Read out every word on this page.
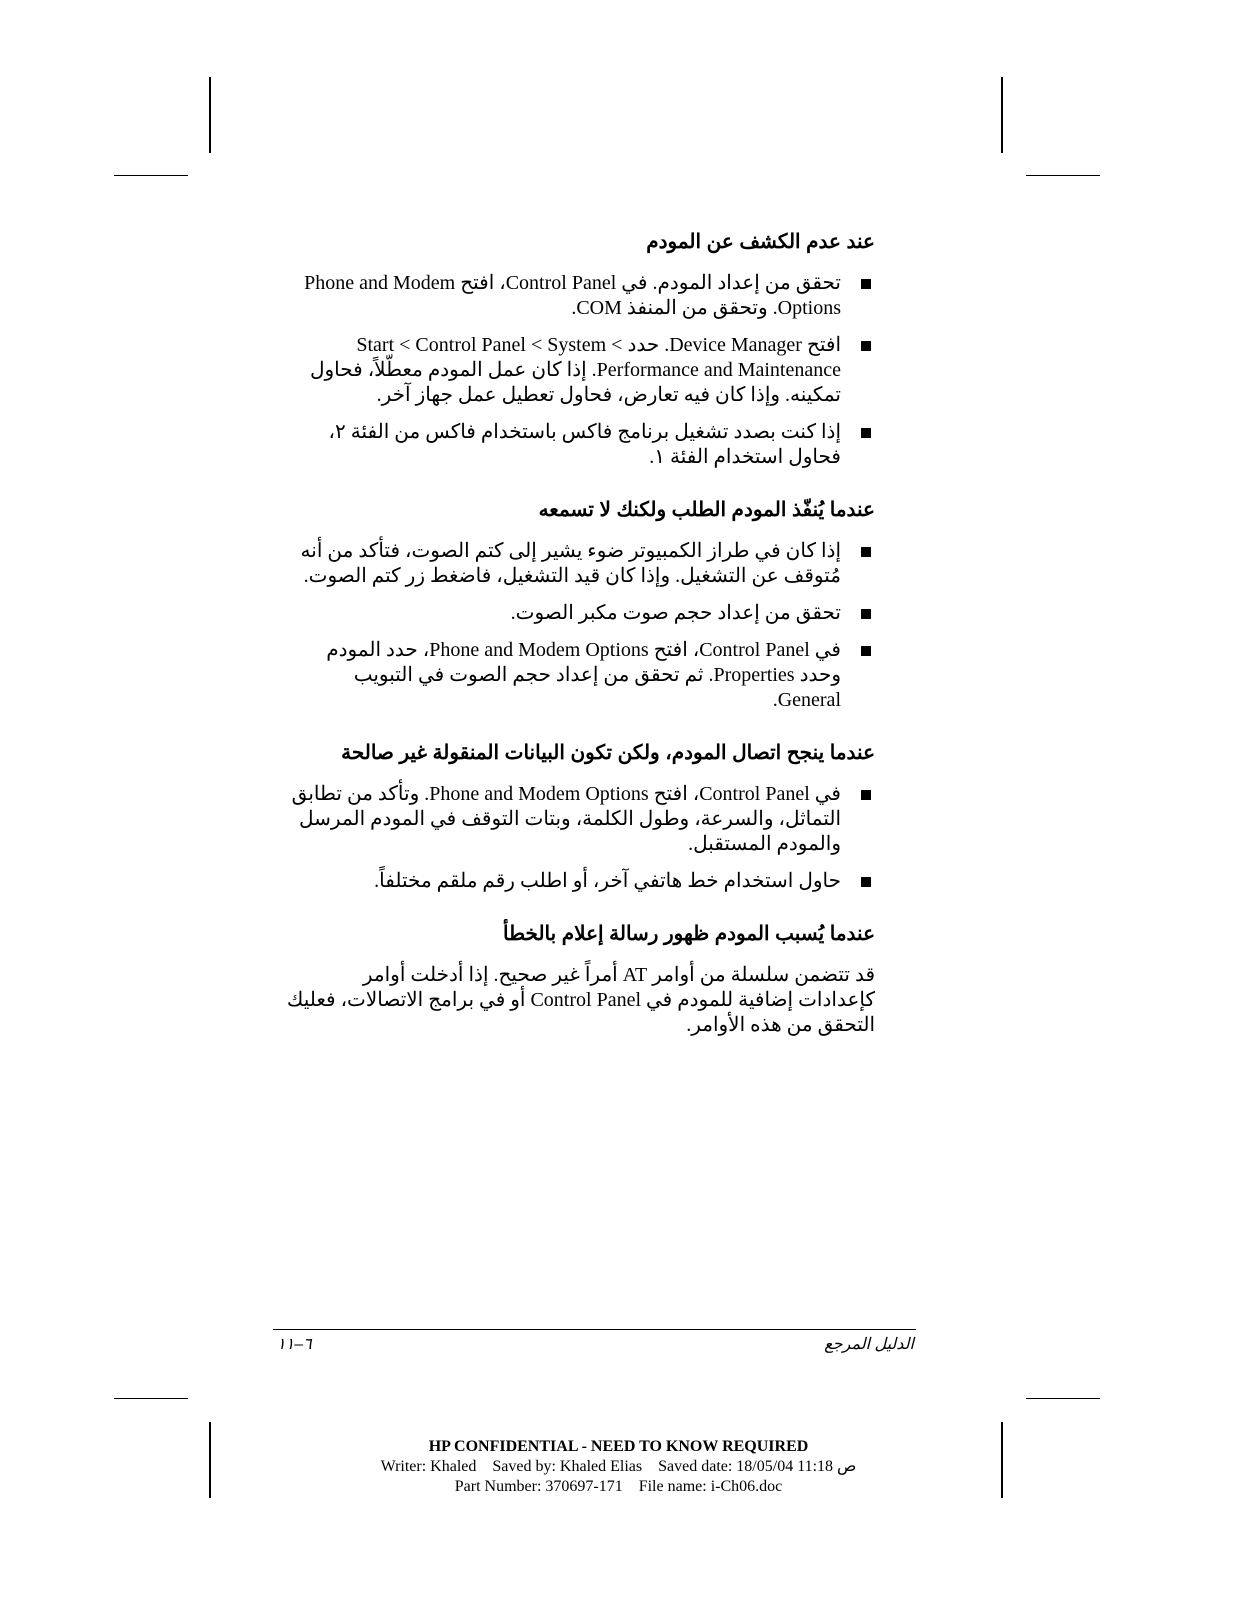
عند عدم الكشف عن المودم
تحقق من إعداد المودم. في Control Panel، افتح Phone and Modem Options. وتحقق من المنفذ COM.
افتح Device Manager. حدد Start < Control Panel < System < Performance and Maintenance. إذا كان عمل المودم معطّلاً، فحاول تمكينه. وإذا كان فيه تعارض، فحاول تعطيل عمل جهاز آخر.
إذا كنت بصدد تشغيل برنامج فاكس باستخدام فاكس من الفئة ٢، فحاول استخدام الفئة ١.
عندما يُنفّذ المودم الطلب ولكنك لا تسمعه
إذا كان في طراز الكمبيوتر ضوء يشير إلى كتم الصوت، فتأكد من أنه مُتوقف عن التشغيل. وإذا كان قيد التشغيل، فاضغط زر كتم الصوت.
تحقق من إعداد حجم صوت مكبر الصوت.
في Control Panel، افتح Phone and Modem Options، حدد المودم وحدد Properties. ثم تحقق من إعداد حجم الصوت في التبويب General.
عندما ينجح اتصال المودم، ولكن تكون البيانات المنقولة غير صالحة
في Control Panel، افتح Phone and Modem Options. وتأكد من تطابق التماثل، والسرعة، وطول الكلمة، وبتات التوقف في المودم المرسل والمودم المستقبل.
حاول استخدام خط هاتفي آخر، أو اطلب رقم ملقم مختلفاً.
عندما يُسبب المودم ظهور رسالة إعلام بالخطأ

قد تتضمن سلسلة من أوامر AT أمراً غير صحيح. إذا أدخلت أوامر كإعدادات إضافية للمودم في Control Panel أو في برامج الاتصالات، فعليك التحقق من هذه الأوامر.

الدليل المرجع
٦–١١
HP CONFIDENTIAL - NEED TO KNOW REQUIRED
Writer: Khaled    Saved by: Khaled Elias    Saved date: 18/05/04 11:18 ص
Part Number: 370697-171    File name: i-Ch06.doc
